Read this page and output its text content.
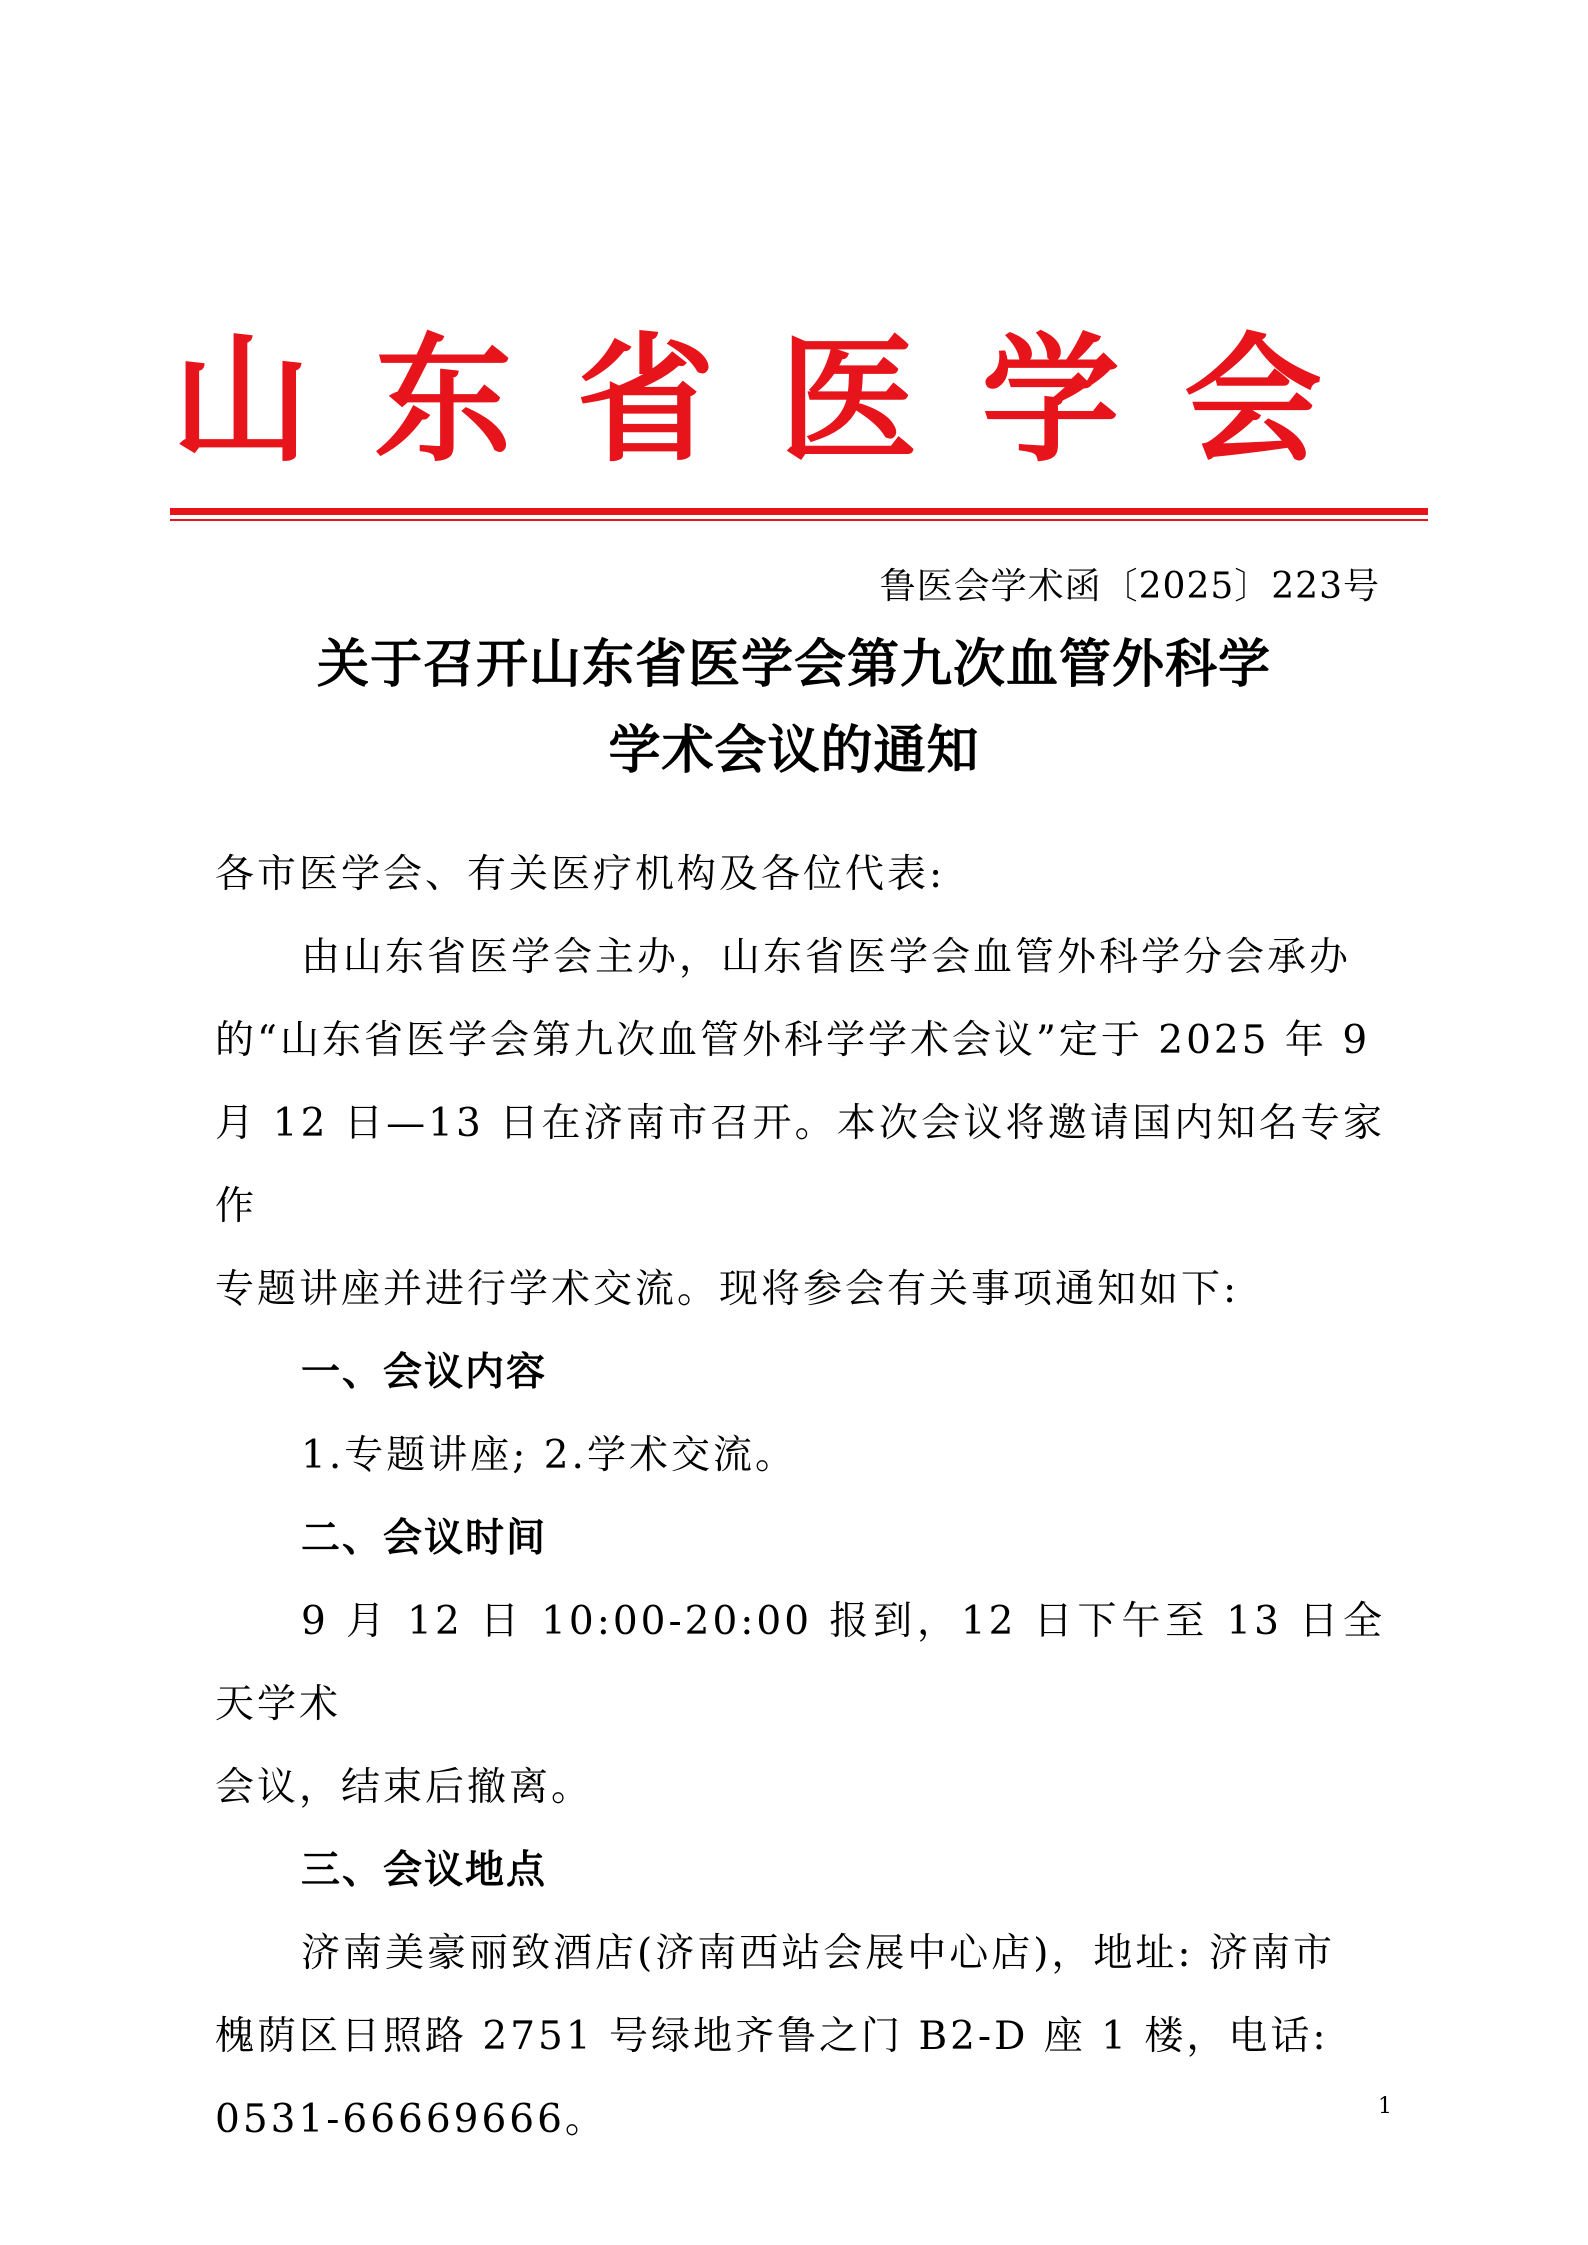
山 东 省 医 学 会
鲁医会学术函〔2025〕223号
关于召开山东省医学会第九次血管外科学
学术会议的通知

各市医学会、有关医疗机构及各位代表:

由山东省医学会主办，山东省医学会血管外科学分会承办
的“山东省医学会第九次血管外科学学术会议”定于 2025 年 9
月 12 日—13 日在济南市召开。本次会议将邀请国内知名专家作
专题讲座并进行学术交流。现将参会有关事项通知如下:

一、会议内容

1.专题讲座; 2.学术交流。

二、会议时间

9 月 12 日 10:00-20:00 报到，12 日下午至 13 日全天学术
会议，结束后撤离。

三、会议地点

济南美豪丽致酒店(济南西站会展中心店)，地址: 济南市
槐荫区日照路 2751 号绿地齐鲁之门 B2-D 座 1 楼，电话:
0531-66669666。	1
